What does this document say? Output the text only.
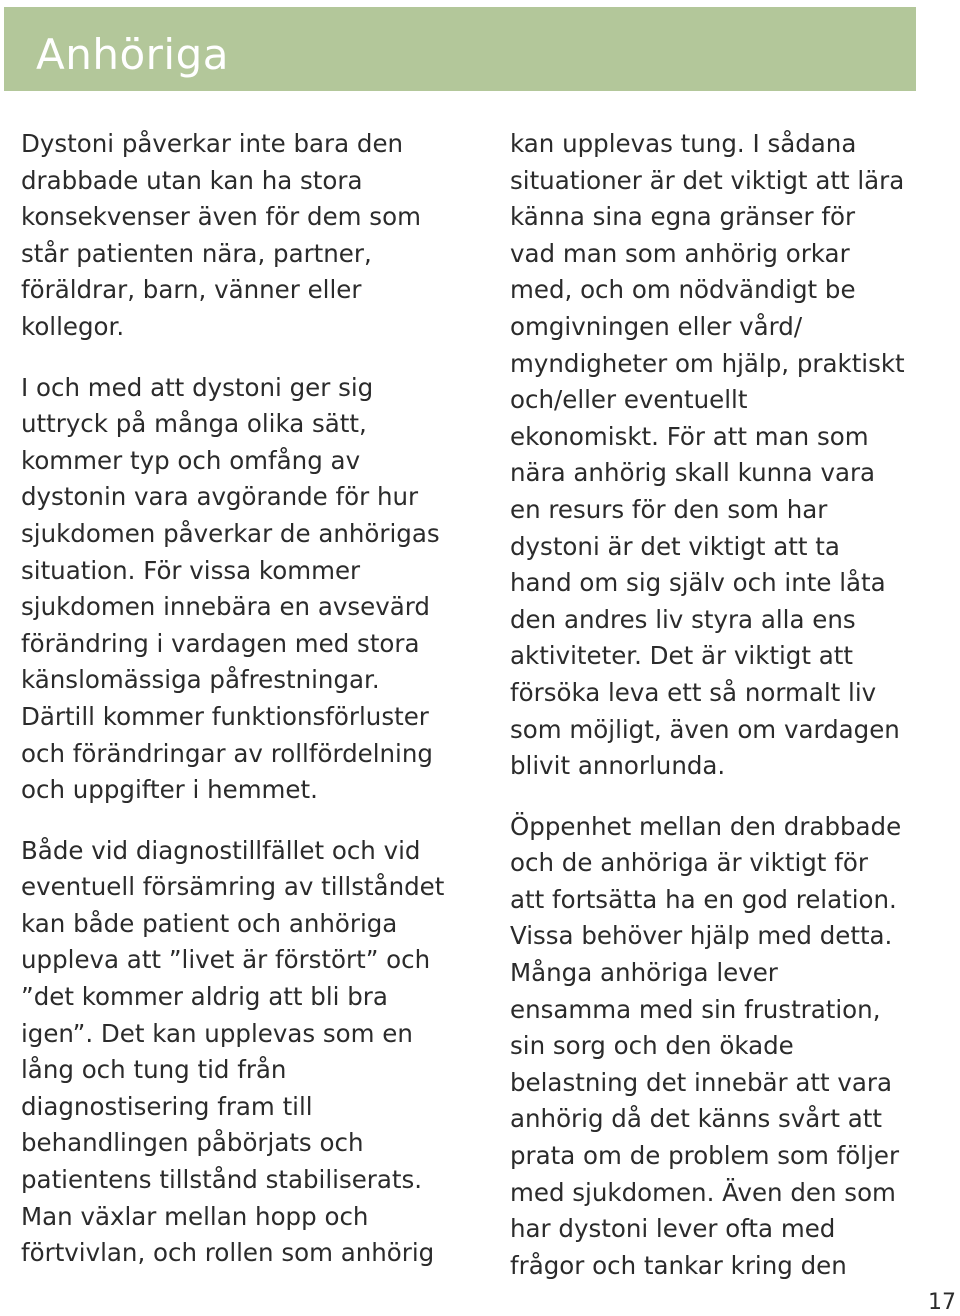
Anhöriga

Dystoni påverkar inte bara den
drabbade utan kan ha stora
konsekvenser även för dem som
står patienten nära, partner,
föräldrar, barn, vänner eller
kollegor.

I och med att dystoni ger sig
uttryck på många olika sätt,
kommer typ och omfång av
dystonin vara avgörande för hur
sjukdomen påverkar de anhörigas
situation. För vissa kommer
sjukdomen innebära en avsevärd
förändring i vardagen med stora
känslomässiga påfrestningar.
Därtill kommer funktionsförluster
och förändringar av rollfördelning
och uppgifter i hemmet.

Både vid diagnostillfället och vid
eventuell försämring av tillståndet
kan både patient och anhöriga
uppleva att ”livet är förstört” och
”det kommer aldrig att bli bra
igen”. Det kan upplevas som en
lång och tung tid från
diagnostisering fram till
behandlingen påbörjats och
patientens tillstånd stabiliserats.
Man växlar mellan hopp och
förtvivlan, och rollen som anhörig

kan upplevas tung. I sådana
situationer är det viktigt att lära
känna sina egna gränser för
vad man som anhörig orkar
med, och om nödvändigt be
omgivningen eller vård/
myndigheter om hjälp, praktiskt
och/eller eventuellt
ekonomiskt. För att man som
nära anhörig skall kunna vara
en resurs för den som har
dystoni är det viktigt att ta
hand om sig själv och inte låta
den andres liv styra alla ens
aktiviteter. Det är viktigt att
försöka leva ett så normalt liv
som möjligt, även om vardagen
blivit annorlunda.

Öppenhet mellan den drabbade
och de anhöriga är viktigt för
att fortsätta ha en god relation.
Vissa behöver hjälp med detta.
Många anhöriga lever
ensamma med sin frustration,
sin sorg och den ökade
belastning det innebär att vara
anhörig då det känns svårt att
prata om de problem som följer
med sjukdomen. Även den som
har dystoni lever ofta med
frågor och tankar kring den

17
